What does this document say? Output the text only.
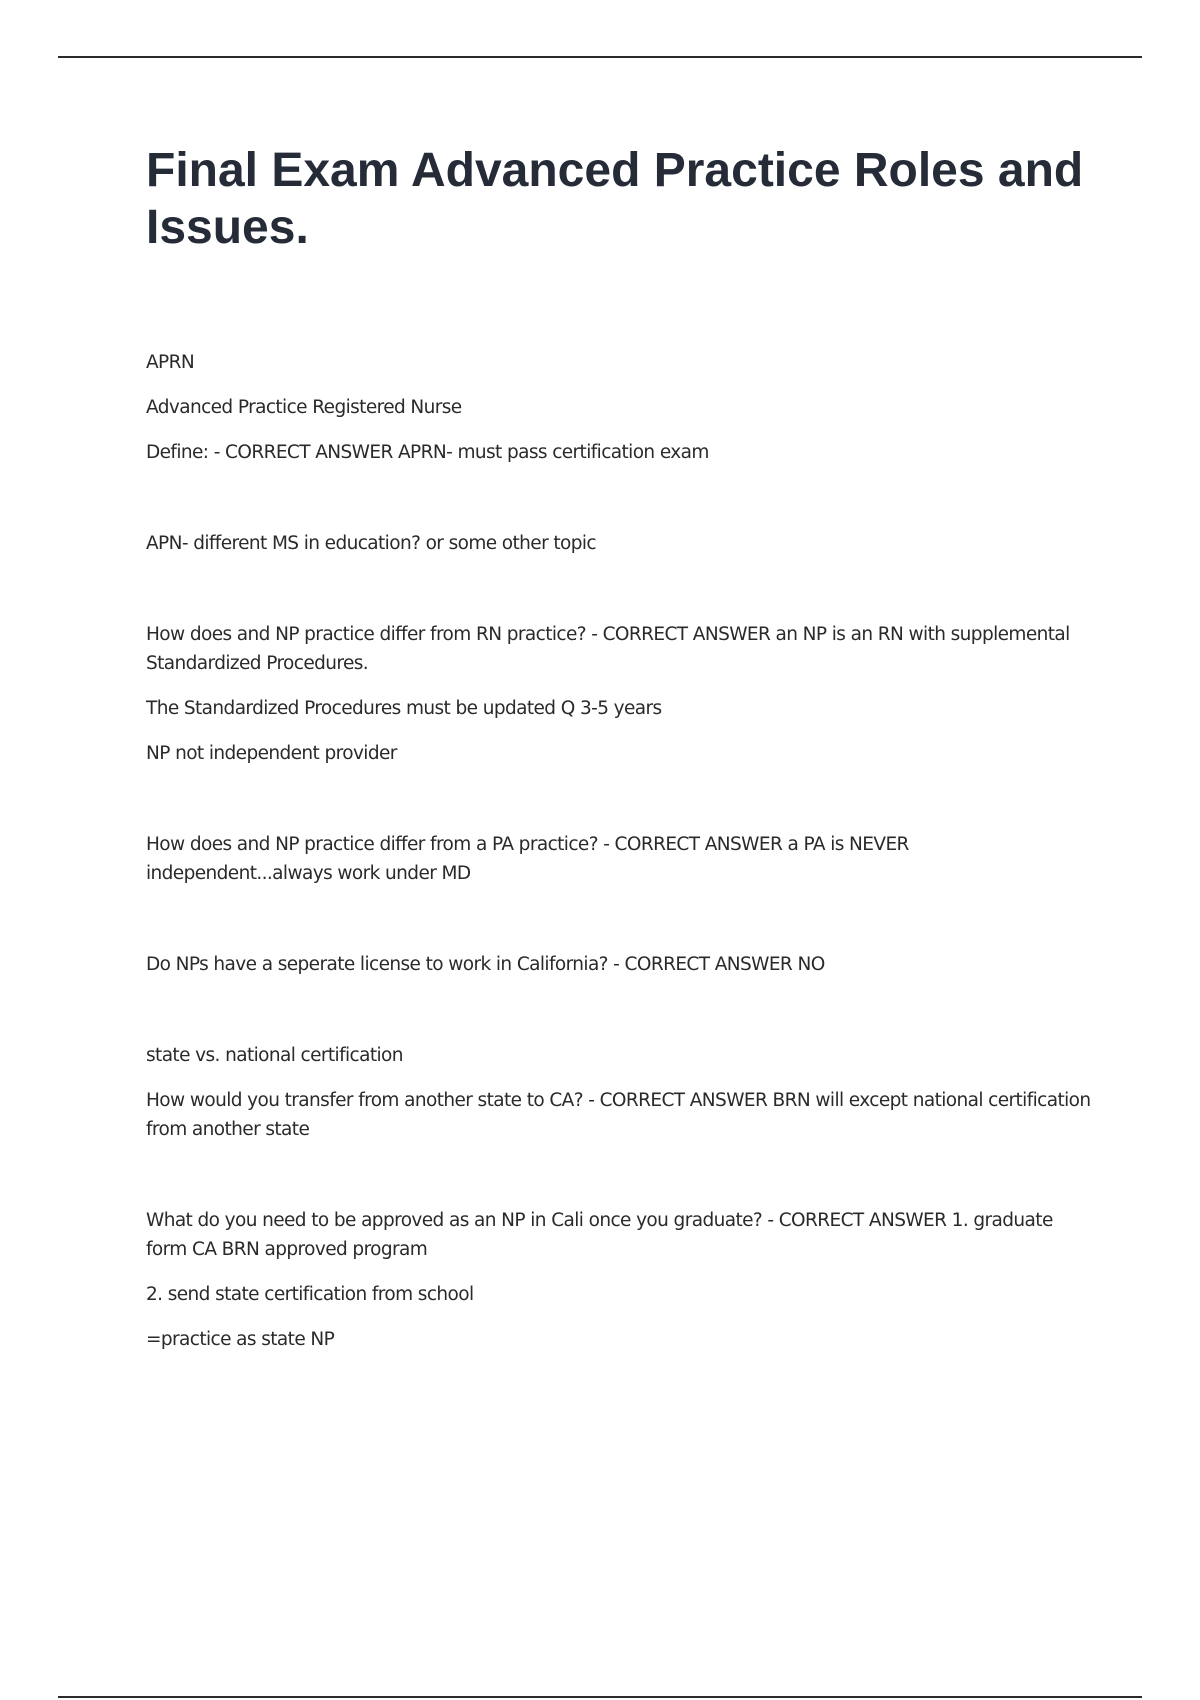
Final Exam Advanced Practice Roles and Issues.

APRN

Advanced Practice Registered Nurse

Define: - CORRECT ANSWER APRN- must pass certification exam

APN- different MS in education? or some other topic

How does and NP practice differ from RN practice? - CORRECT ANSWER an NP is an RN with supplemental Standardized Procedures.

The Standardized Procedures must be updated Q 3-5 years

NP not independent provider

How does and NP practice differ from a PA practice? - CORRECT ANSWER a PA is NEVER independent...always work under MD

Do NPs have a seperate license to work in California? - CORRECT ANSWER NO

state vs. national certification

How would you transfer from another state to CA? - CORRECT ANSWER BRN will except national certification from another state

What do you need to be approved as an NP in Cali once you graduate? - CORRECT ANSWER 1. graduate form CA BRN approved program

2. send state certification from school

=practice as state NP
